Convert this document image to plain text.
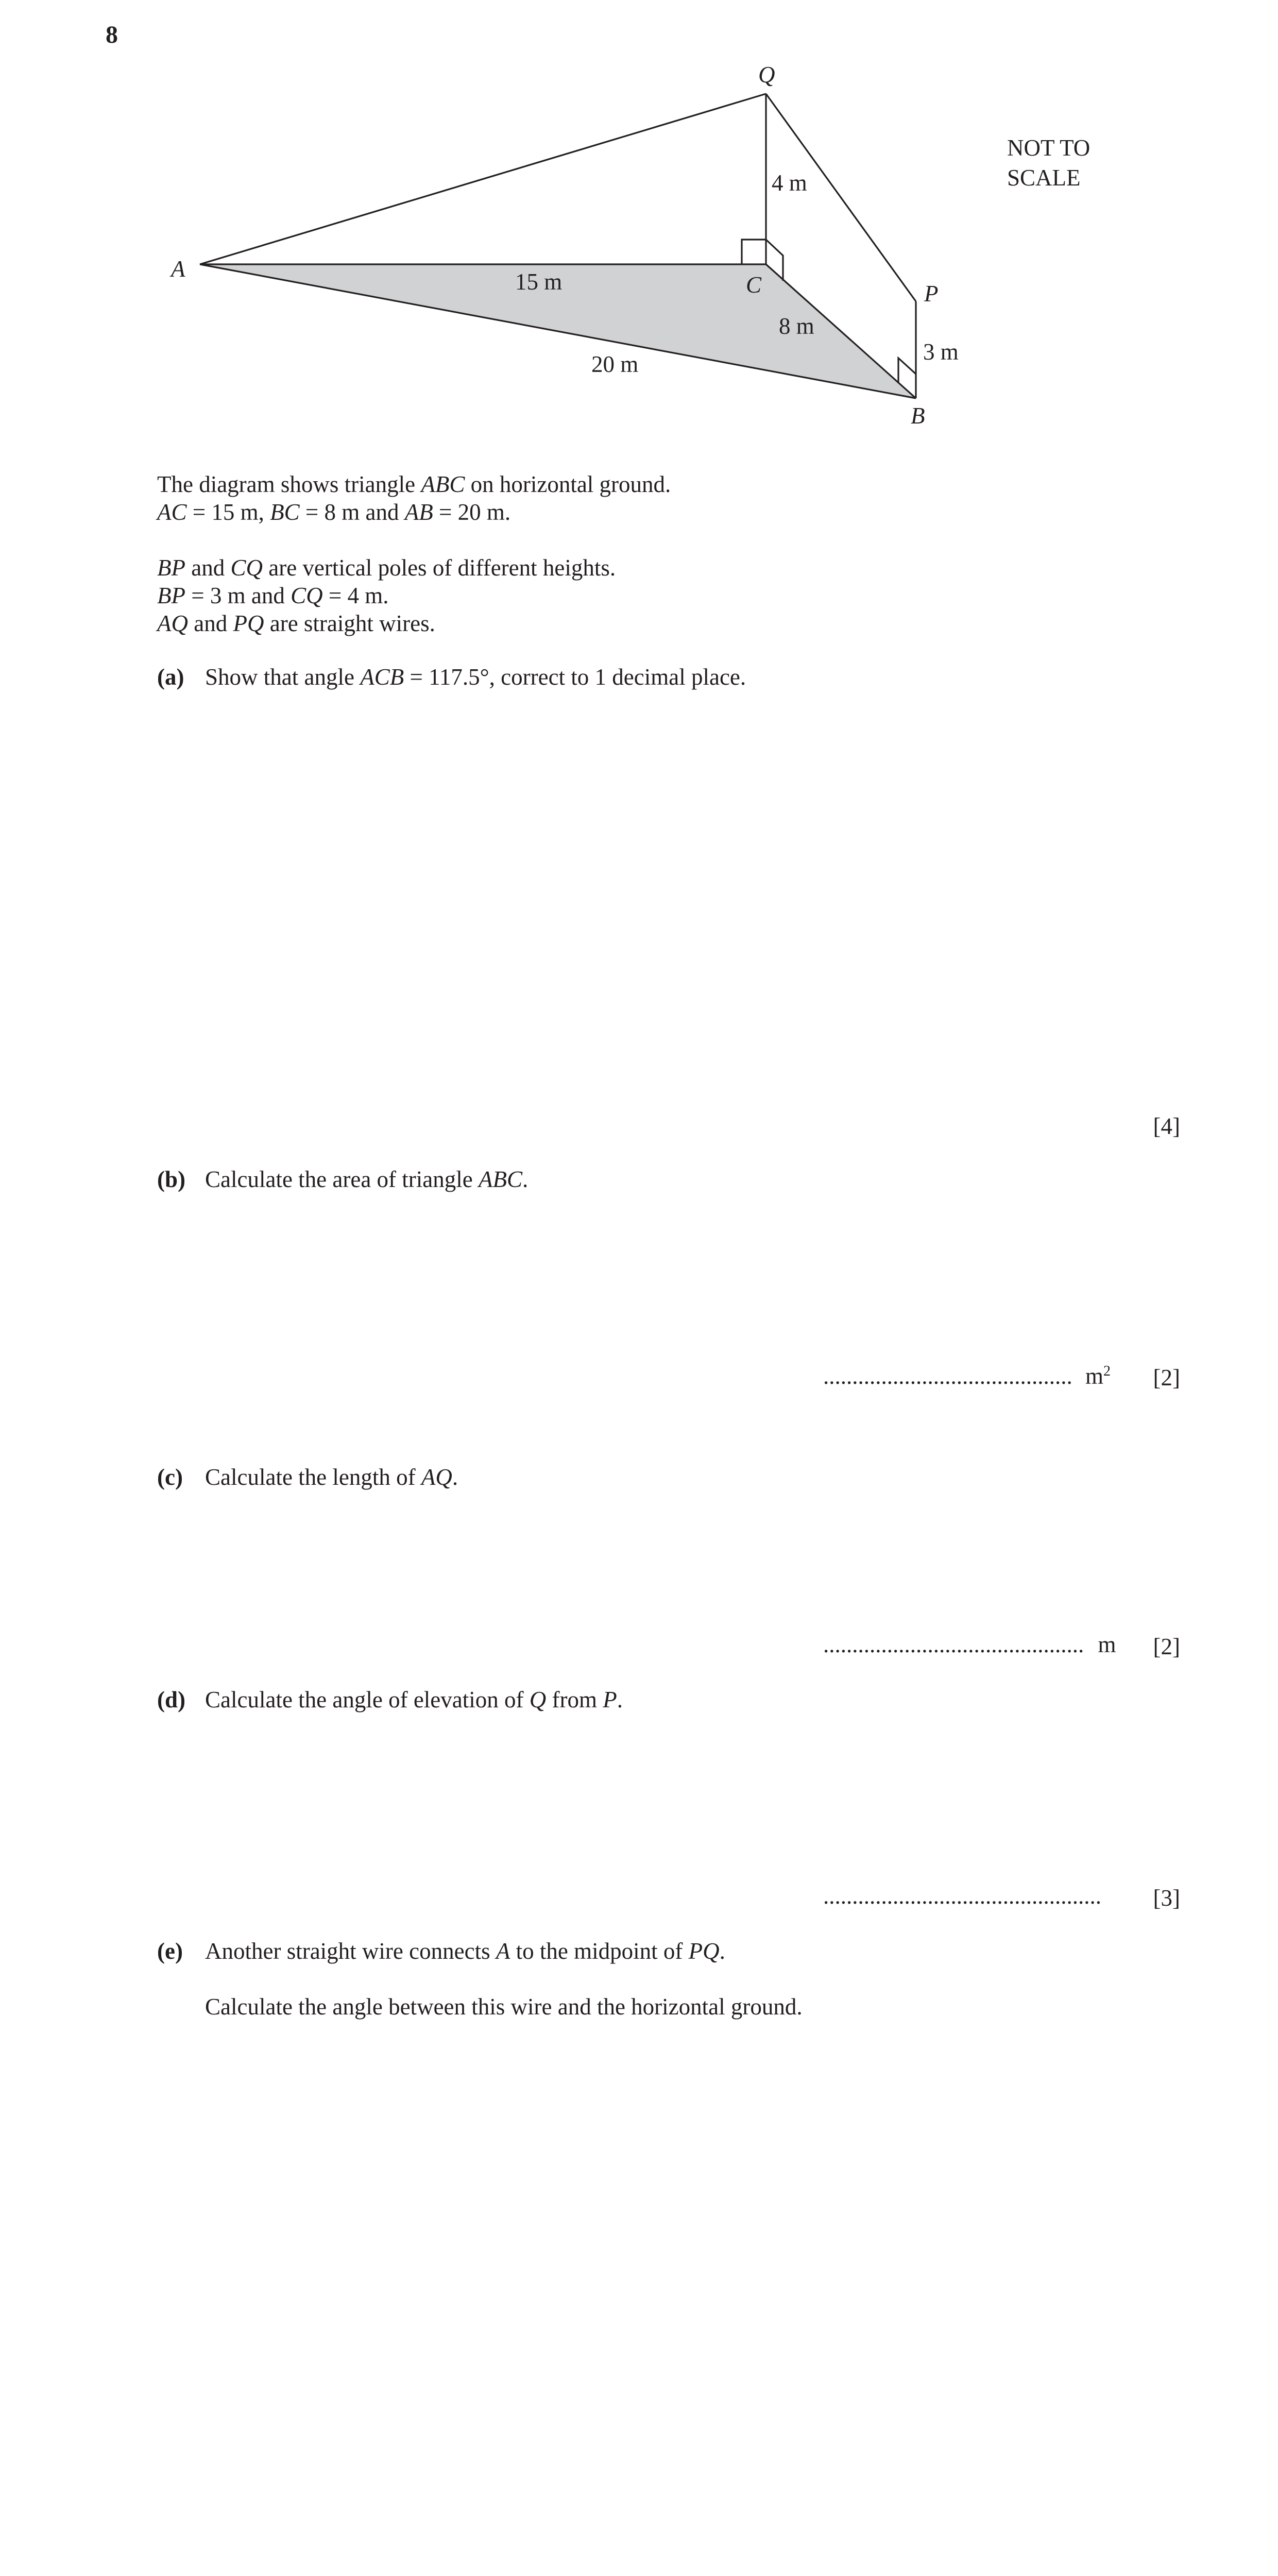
8
Q
A
C	P
B
4 m
15 m
8 m
20 m	3 m
NOT TO
SCALE
The diagram shows triangle ABC on horizontal ground.
AC = 15 m, BC = 8 m and AB = 20 m.
BP and CQ are vertical poles of different heights.
BP = 3 m and CQ = 4 m.
AQ and PQ are straight wires.
(a) Show that angle ACB = 117.5°, correct to 1 decimal place.
[4]
(b) Calculate the area of triangle ABC.
........................................... $m^2$ [2]
(c) Calculate the length of AQ.
............................................. m [2]
(d) Calculate the angle of elevation of Q from P.
................................................ [3]
(e) Another straight wire connects A to the midpoint of PQ.
Calculate the angle between this wire and the horizontal ground.
